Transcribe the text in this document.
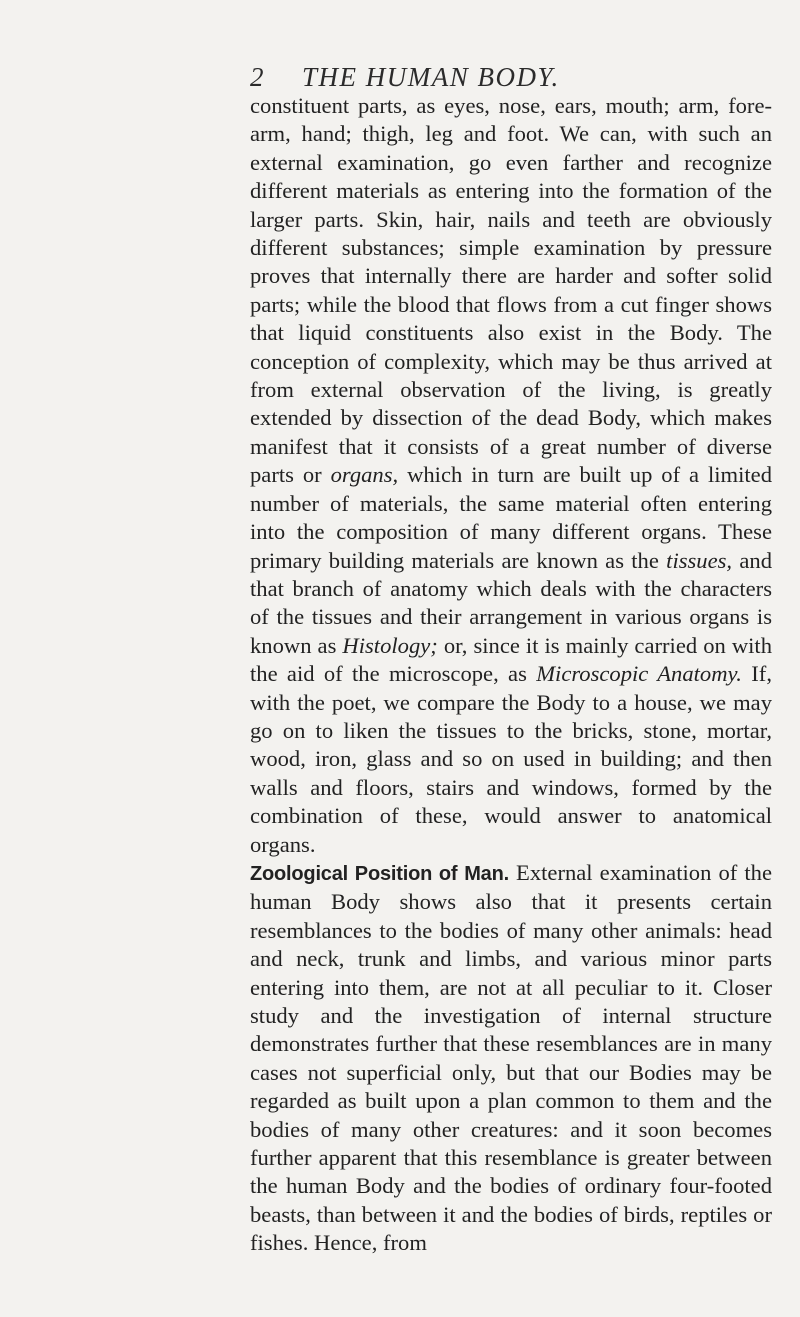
2 THE HUMAN BODY.

constituent parts, as eyes, nose, ears, mouth; arm, fore-arm, hand; thigh, leg and foot. We can, with such an external examination, go even farther and recognize different materials as entering into the formation of the larger parts. Skin, hair, nails and teeth are obviously different substances; simple examination by pressure proves that internally there are harder and softer solid parts; while the blood that flows from a cut finger shows that liquid constituents also exist in the Body. The conception of complexity, which may be thus arrived at from external observation of the living, is greatly extended by dissection of the dead Body, which makes manifest that it consists of a great number of diverse parts or organs, which in turn are built up of a limited number of materials, the same material often entering into the composition of many different organs. These primary building materials are known as the tissues, and that branch of anatomy which deals with the characters of the tissues and their arrangement in various organs is known as Histology; or, since it is mainly carried on with the aid of the microscope, as Microscopic Anatomy. If, with the poet, we compare the Body to a house, we may go on to liken the tissues to the bricks, stone, mortar, wood, iron, glass and so on used in building; and then walls and floors, stairs and windows, formed by the combination of these, would answer to anatomical organs.

Zoological Position of Man. External examination of the human Body shows also that it presents certain resemblances to the bodies of many other animals: head and neck, trunk and limbs, and various minor parts entering into them, are not at all peculiar to it. Closer study and the investigation of internal structure demonstrates further that these resemblances are in many cases not superficial only, but that our Bodies may be regarded as built upon a plan common to them and the bodies of many other creatures: and it soon becomes further apparent that this resemblance is greater between the human Body and the bodies of ordinary four-footed beasts, than between it and the bodies of birds, reptiles or fishes. Hence, from
